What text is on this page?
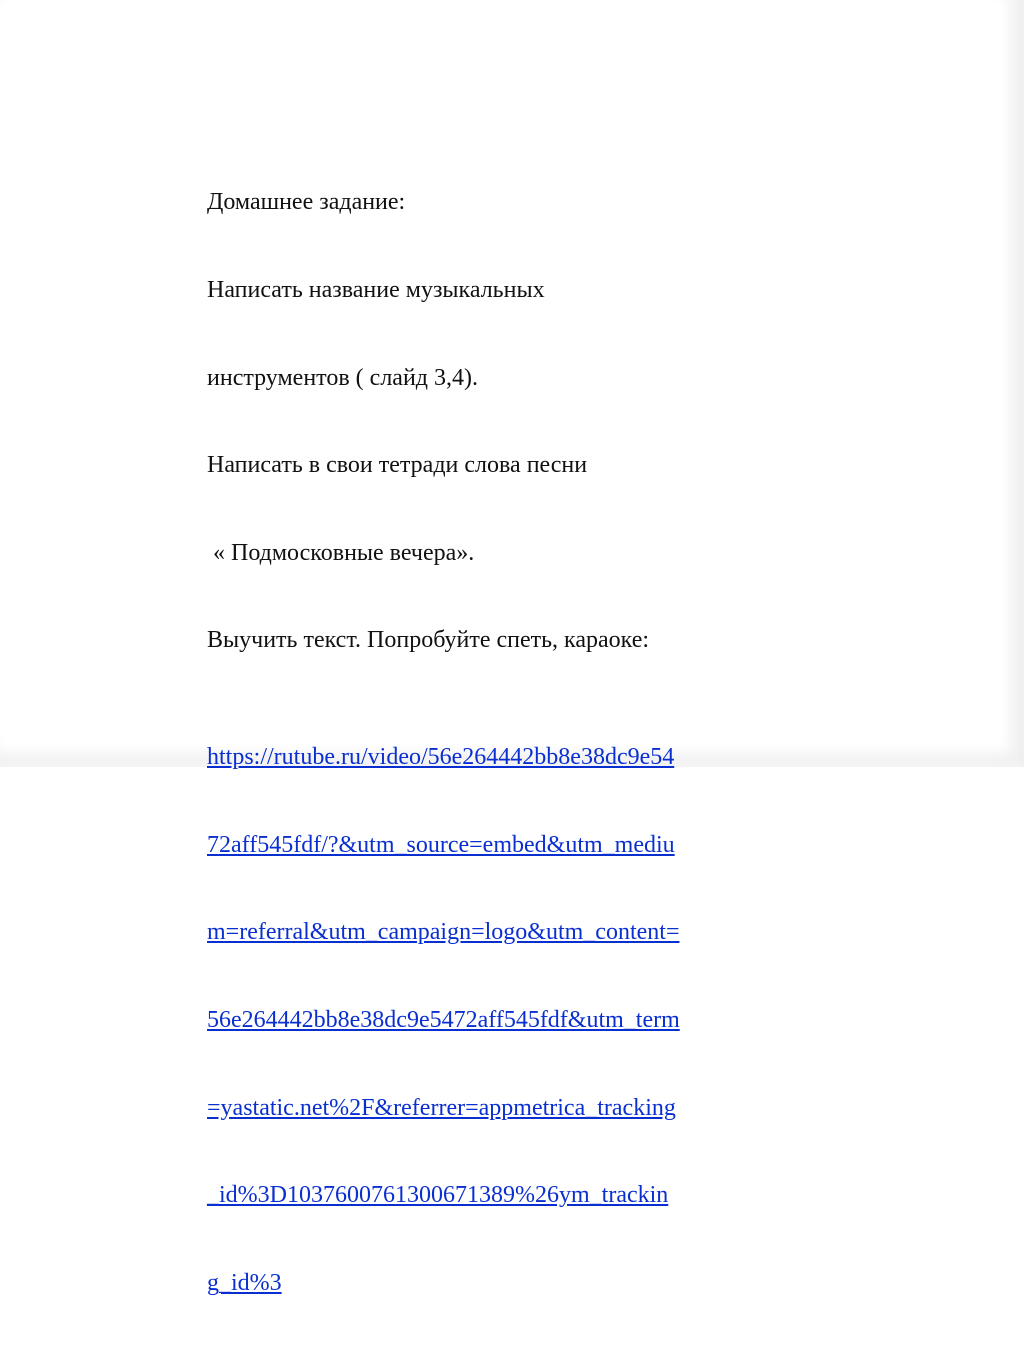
Домашнее задание:

Написать название музыкальных

инструментов ( слайд 3,4).

Написать в свои тетради слова песни

« Подмосковные вечера».

Выучить текст. Попробуйте спеть, караоке:

https://rutube.ru/video/56e264442bb8e38dc9e54

72aff545fdf/?&utm_source=embed&utm_mediu

m=referral&utm_campaign=logo&utm_content=

56e264442bb8e38dc9e5472aff545fdf&utm_term

=yastatic.net%2F&referrer=appmetrica_tracking

_id%3D1037600761300671389%26ym_trackin

g_id%3
